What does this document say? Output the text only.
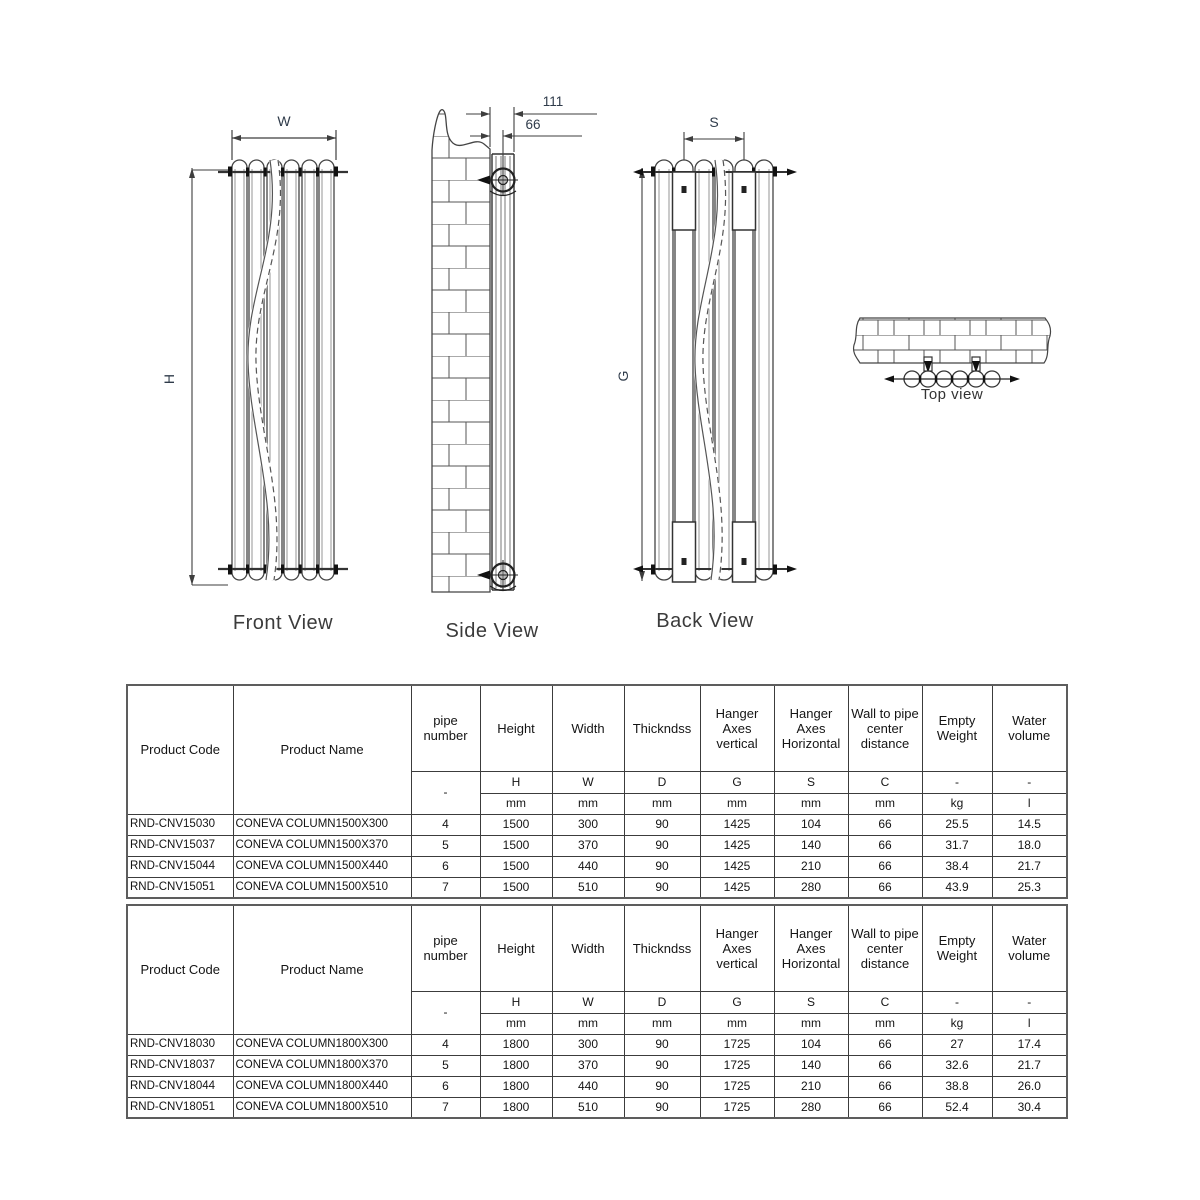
W
H
Front View
111
66
Side View
S
G
Back View
Top view
Product Code	Product Name	pipe number	Height	Width	Thickndss	Hanger Axes vertical	Hanger Axes Horizontal	Wall to pipe center distance	Empty Weight	Water volume
		-	H	W	D	G	S	C	-	-
			mm	mm	mm	mm	mm	mm	kg	l
RND-CNV15030	CONEVA COLUMN1500X300	4	1500	300	90	1425	104	66	25.5	14.5
RND-CNV15037	CONEVA COLUMN1500X370	5	1500	370	90	1425	140	66	31.7	18.0
RND-CNV15044	CONEVA COLUMN1500X440	6	1500	440	90	1425	210	66	38.4	21.7
RND-CNV15051	CONEVA COLUMN1500X510	7	1500	510	90	1425	280	66	43.9	25.3
Product Code	Product Name	pipe number	Height	Width	Thickndss	Hanger Axes vertical	Hanger Axes Horizontal	Wall to pipe center distance	Empty Weight	Water volume
		-	H	W	D	G	S	C	-	-
			mm	mm	mm	mm	mm	mm	kg	l
RND-CNV18030	CONEVA COLUMN1800X300	4	1800	300	90	1725	104	66	27	17.4
RND-CNV18037	CONEVA COLUMN1800X370	5	1800	370	90	1725	140	66	32.6	21.7
RND-CNV18044	CONEVA COLUMN1800X440	6	1800	440	90	1725	210	66	38.8	26.0
RND-CNV18051	CONEVA COLUMN1800X510	7	1800	510	90	1725	280	66	52.4	30.4
